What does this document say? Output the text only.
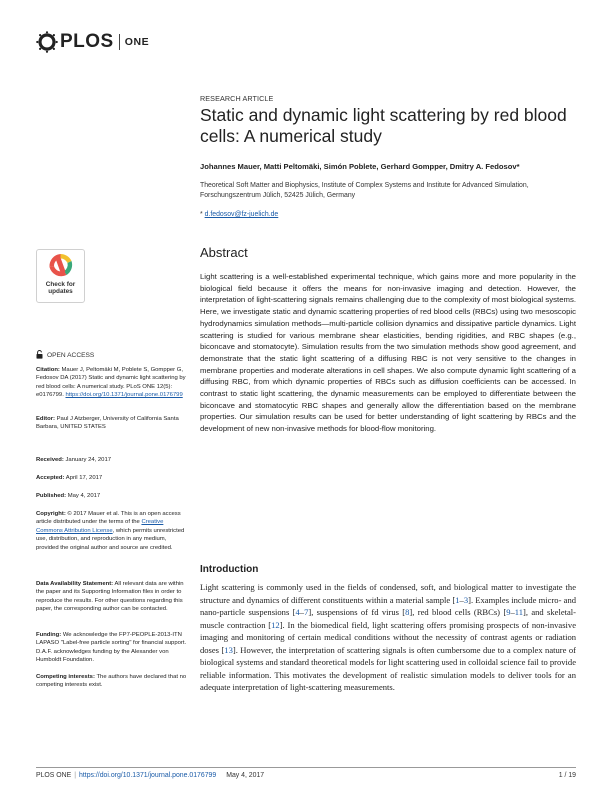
PLOS ONE
RESEARCH ARTICLE
Static and dynamic light scattering by red blood cells: A numerical study
Johannes Mauer, Matti Peltomäki, Simón Poblete, Gerhard Gompper, Dmitry A. Fedosov*
Theoretical Soft Matter and Biophysics, Institute of Complex Systems and Institute for Advanced Simulation, Forschungszentrum Jülich, 52425 Jülich, Germany
* d.fedosov@fz-juelich.de
Abstract
Light scattering is a well-established experimental technique, which gains more and more popularity in the biological field because it offers the means for non-invasive imaging and detection. However, the interpretation of light-scattering signals remains challenging due to the complexity of most biological systems. Here, we investigate static and dynamic scattering properties of red blood cells (RBCs) using two mesoscopic hydrodynamics simulation methods—multi-particle collision dynamics and dissipative particle dynamics. Light scattering is studied for various membrane shear elasticities, bending rigidities, and RBC shapes (e.g., biconcave and stomatocyte). Simulation results from the two simulation methods show good agreement, and demonstrate that the static light scattering of a diffusing RBC is not very sensitive to the changes in membrane properties and moderate alterations in cell shapes. We also compute dynamic light scattering of a diffusing RBC, from which dynamic properties of RBCs such as diffusion coefficients can be accessed. In contrast to static light scattering, the dynamic measurements can be employed to differentiate between the biconcave and stomatocytic RBC shapes and generally allow the differentiation based on the membrane properties. Our simulation results can be used for better understanding of light scattering by RBCs and the development of new non-invasive methods for blood-flow monitoring.
Introduction
Light scattering is commonly used in the fields of condensed, soft, and biological matter to investigate the structure and dynamics of different constituents within a material sample [1–3]. Examples include micro- and nano-particle suspensions [4–7], suspensions of fd virus [8], red blood cells (RBCs) [9–11], and skeletal-muscle contraction [12]. In the biomedical field, light scattering offers promising prospects of non-invasive imaging and monitoring of certain medical conditions without the necessity of contrast agents or radiation doses [13]. However, the interpretation of scattering signals is often cumbersome due to a complex nature of biological systems and standard theoretical models for light scattering used in colloidal science fail to provide reliable information. This motivates the development of realistic simulation models to deliver tools for an adequate interpretation of light-scattering measurements.
Check for
updates
OPEN ACCESS
Citation: Mauer J, Peltomäki M, Poblete S, Gompper G, Fedosov DA (2017) Static and dynamic light scattering by red blood cells: A numerical study. PLoS ONE 12(5): e0176799. https://doi.org/10.1371/journal.pone.0176799
Editor: Paul J Atzberger, University of California Santa Barbara, UNITED STATES
Received: January 24, 2017
Accepted: April 17, 2017
Published: May 4, 2017
Copyright: © 2017 Mauer et al. This is an open access article distributed under the terms of the Creative Commons Attribution License, which permits unrestricted use, distribution, and reproduction in any medium, provided the original author and source are credited.
Data Availability Statement: All relevant data are within the paper and its Supporting Information files in order to reproduce the results. For other questions regarding this paper, the corresponding author can be contacted.
Funding: We acknowledge the FP7-PEOPLE-2013-ITN LAPASO "Label-free particle sorting" for financial support. D.A.F. acknowledges funding by the Alexander von Humboldt Foundation.
Competing interests: The authors have declared that no competing interests exist.
PLOS ONE | https://doi.org/10.1371/journal.pone.0176799 May 4, 2017	1 / 19
